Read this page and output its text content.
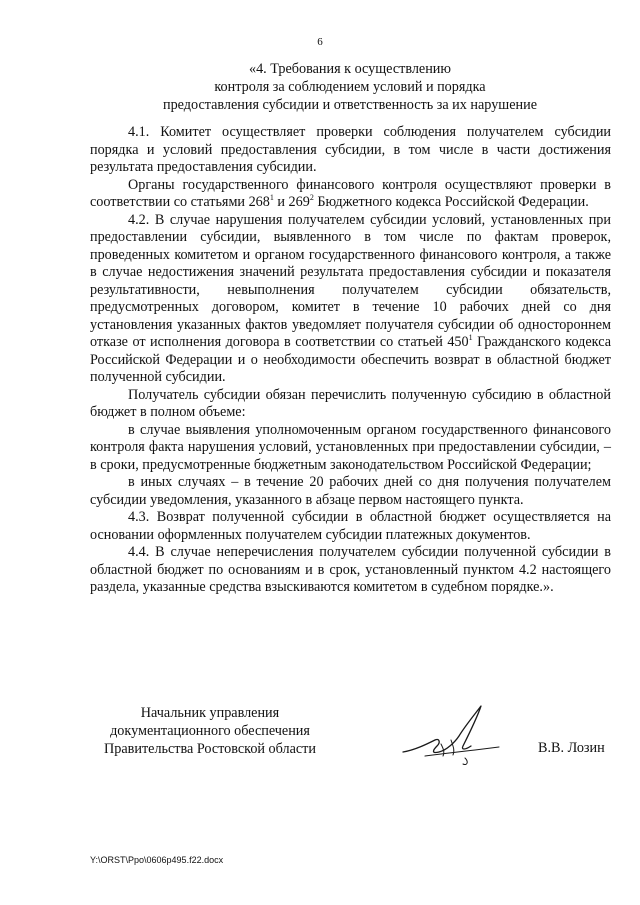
6
«4. Требования к осуществлению
контроля за соблюдением условий и порядка
предоставления субсидии и ответственность за их нарушение

4.1. Комитет осуществляет проверки соблюдения получателем субсидии порядка и условий предоставления субсидии, в том числе в части достижения результата предоставления субсидии.

Органы государственного финансового контроля осуществляют проверки в соответствии со статьями $268^1$ и $269^2$ Бюджетного кодекса Российской Федерации.

4.2. В случае нарушения получателем субсидии условий, установленных при предоставлении субсидии, выявленного в том числе по фактам проверок, проведенных комитетом и органом государственного финансового контроля, а также в случае недостижения значений результата предоставления субсидии и показателя результативности, невыполнения получателем субсидии обязательств, предусмотренных договором, комитет в течение 10 рабочих дней со дня установления указанных фактов уведомляет получателя субсидии об одностороннем отказе от исполнения договора в соответствии со статьей $450^1$ Гражданского кодекса Российской Федерации и о необходимости обеспечить возврат в областной бюджет полученной субсидии.

Получатель субсидии обязан перечислить полученную субсидию в областной бюджет в полном объеме:

в случае выявления уполномоченным органом государственного финансового контроля факта нарушения условий, установленных при предоставлении субсидии, – в сроки, предусмотренные бюджетным законодательством Российской Федерации;

в иных случаях – в течение 20 рабочих дней со дня получения получателем субсидии уведомления, указанного в абзаце первом настоящего пункта.

4.3. Возврат полученной субсидии в областной бюджет осуществляется на основании оформленных получателем субсидии платежных документов.

4.4. В случае неперечисления получателем субсидии полученной субсидии в областной бюджет по основаниям и в срок, установленный пунктом 4.2 настоящего раздела, указанные средства взыскиваются комитетом в судебном порядке.».

Начальник управления
документационного обеспечения
Правительства Ростовской области	В.В. Лозин
Y:\ORST\Ppo\0606p495.f22.docx
